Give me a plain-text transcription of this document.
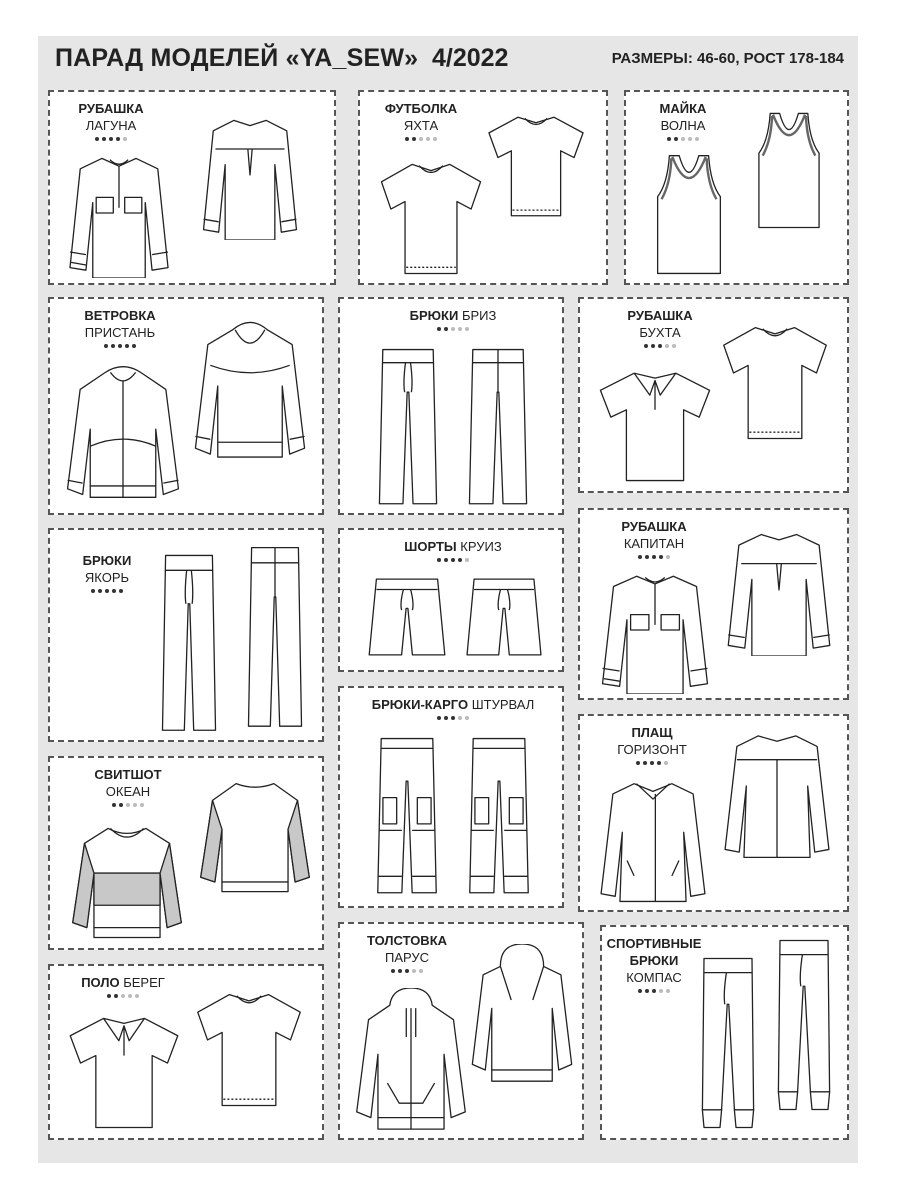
ПАРАД МОДЕЛЕЙ «YA_SEW» 4/2022	РАЗМЕРЫ: 46-60, РОСТ 178-184
РУБАШКА
ЛАГУНА
ФУТБОЛКА
ЯХТА
МАЙКА
ВОЛНА
ВЕТРОВКА
ПРИСТАНЬ
БРЮКИ БРИЗ	РУБАШКА
БУХТА
БРЮКИ
ЯКОРЬ
ШОРТЫ КРУИЗ
РУБАШКА
КАПИТАН
БРЮКИ-КАРГО ШТУРВАЛ
ПЛАЩ
ГОРИЗОНТ
СВИТШОТ
ОКЕАН
ТОЛСТОВКА
ПАРУС
СПОРТИВНЫЕ БРЮКИ
КОМПАС
ПОЛО БЕРЕГ
